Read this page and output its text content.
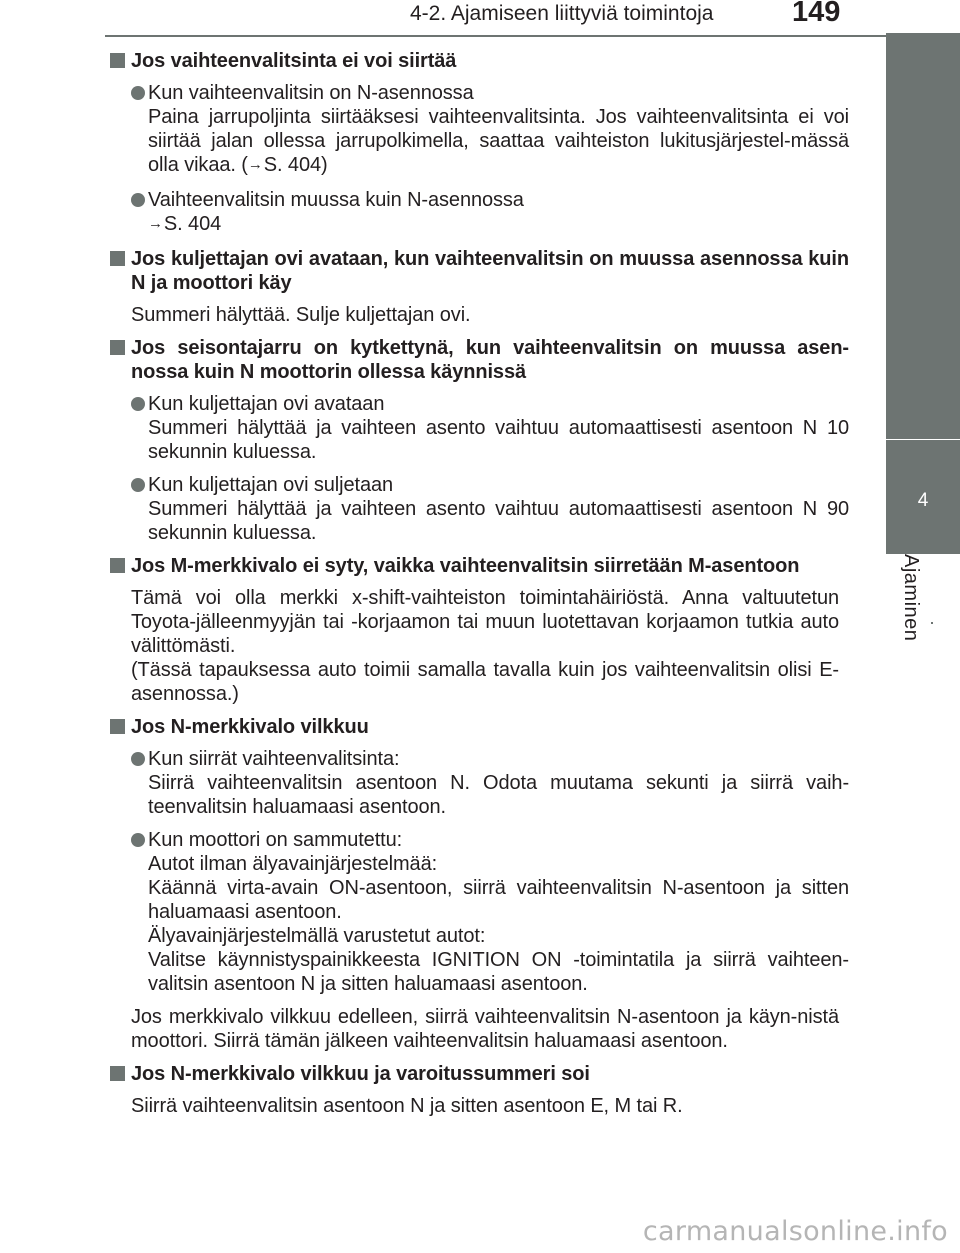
4-2. Ajamiseen liittyviä toimintoja	149
4
Ajaminen
Jos vaihteenvalitsinta ei voi siirtää
Kun vaihteenvalitsin on N-asennossa
Paina jarrupoljinta siirtääksesi vaihteenvalitsinta. Jos vaihteenvalitsinta ei voi siirtää jalan ollessa jarrupolkimella, saattaa vaihteiston lukitusjärjestel-mässä olla vikaa. (→S. 404)
Vaihteenvalitsin muussa kuin N-asennossa
→S. 404
Jos kuljettajan ovi avataan, kun vaihteenvalitsin on muussa asennossa kuin N ja moottori käy
Summeri hälyttää. Sulje kuljettajan ovi.
Jos seisontajarru on kytkettynä, kun vaihteenvalitsin on muussa asen-nossa kuin N moottorin ollessa käynnissä
Kun kuljettajan ovi avataan
Summeri hälyttää ja vaihteen asento vaihtuu automaattisesti asentoon N 10 sekunnin kuluessa.
Kun kuljettajan ovi suljetaan
Summeri hälyttää ja vaihteen asento vaihtuu automaattisesti asentoon N 90 sekunnin kuluessa.
Jos M-merkkivalo ei syty, vaikka vaihteenvalitsin siirretään M-asentoon
Tämä voi olla merkki x-shift-vaihteiston toimintahäiriöstä. Anna valtuutetun Toyota-jälleenmyyjän tai -korjaamon tai muun luotettavan korjaamon tutkia auto välittömästi.
(Tässä tapauksessa auto toimii samalla tavalla kuin jos vaihteenvalitsin olisi E-asennossa.)
Jos N-merkkivalo vilkkuu
Kun siirrät vaihteenvalitsinta:
Siirrä vaihteenvalitsin asentoon N. Odota muutama sekunti ja siirrä vaih-teenvalitsin haluamaasi asentoon.
Kun moottori on sammutettu:
Autot ilman älyavainjärjestelmää:
Käännä virta-avain ON-asentoon, siirrä vaihteenvalitsin N-asentoon ja sitten haluamaasi asentoon.
Älyavainjärjestelmällä varustetut autot:
Valitse käynnistyspainikkeesta IGNITION ON -toimintatila ja siirrä vaihteen-valitsin asentoon N ja sitten haluamaasi asentoon.
Jos merkkivalo vilkkuu edelleen, siirrä vaihteenvalitsin N-asentoon ja käyn-nistä moottori. Siirrä tämän jälkeen vaihteenvalitsin haluamaasi asentoon.
Jos N-merkkivalo vilkkuu ja varoitussummeri soi
Siirrä vaihteenvalitsin asentoon N ja sitten asentoon E, M tai R.
carmanualsonline.info
